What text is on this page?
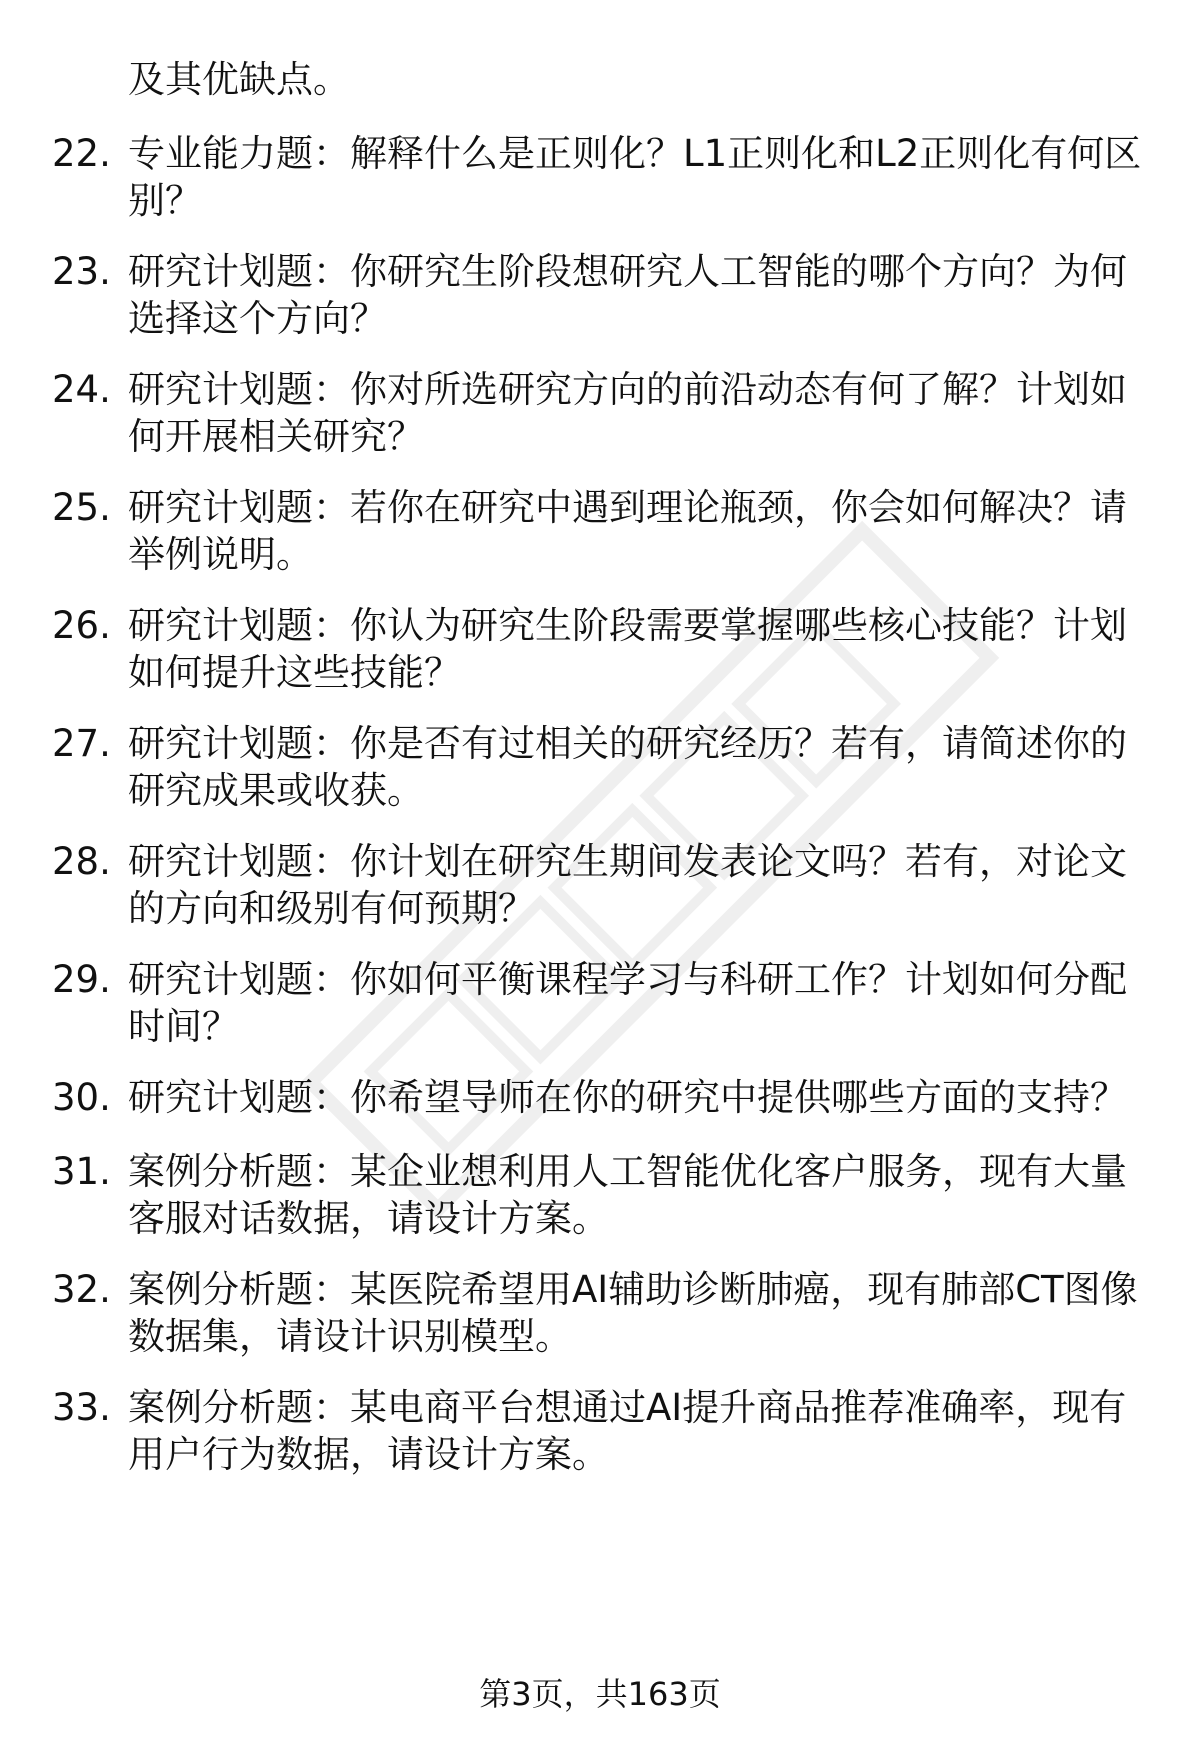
及其优缺点。
22. 专业能力题：解释什么是正则化？L1正则化和L2正则化有何区别？
23. 研究计划题：你研究生阶段想研究人工智能的哪个方向？为何选择这个方向？
24. 研究计划题：你对所选研究方向的前沿动态有何了解？计划如何开展相关研究？
25. 研究计划题：若你在研究中遇到理论瓶颈，你会如何解决？请举例说明。
26. 研究计划题：你认为研究生阶段需要掌握哪些核心技能？计划如何提升这些技能？
27. 研究计划题：你是否有过相关的研究经历？若有，请简述你的研究成果或收获。
28. 研究计划题：你计划在研究生期间发表论文吗？若有，对论文的方向和级别有何预期？
29. 研究计划题：你如何平衡课程学习与科研工作？计划如何分配时间？
30. 研究计划题：你希望导师在你的研究中提供哪些方面的支持？
31. 案例分析题：某企业想利用人工智能优化客户服务，现有大量客服对话数据，请设计方案。
32. 案例分析题：某医院希望用AI辅助诊断肺癌，现有肺部CT图像数据集，请设计识别模型。
33. 案例分析题：某电商平台想通过AI提升商品推荐准确率，现有用户行为数据，请设计方案。
第3页，共163页
